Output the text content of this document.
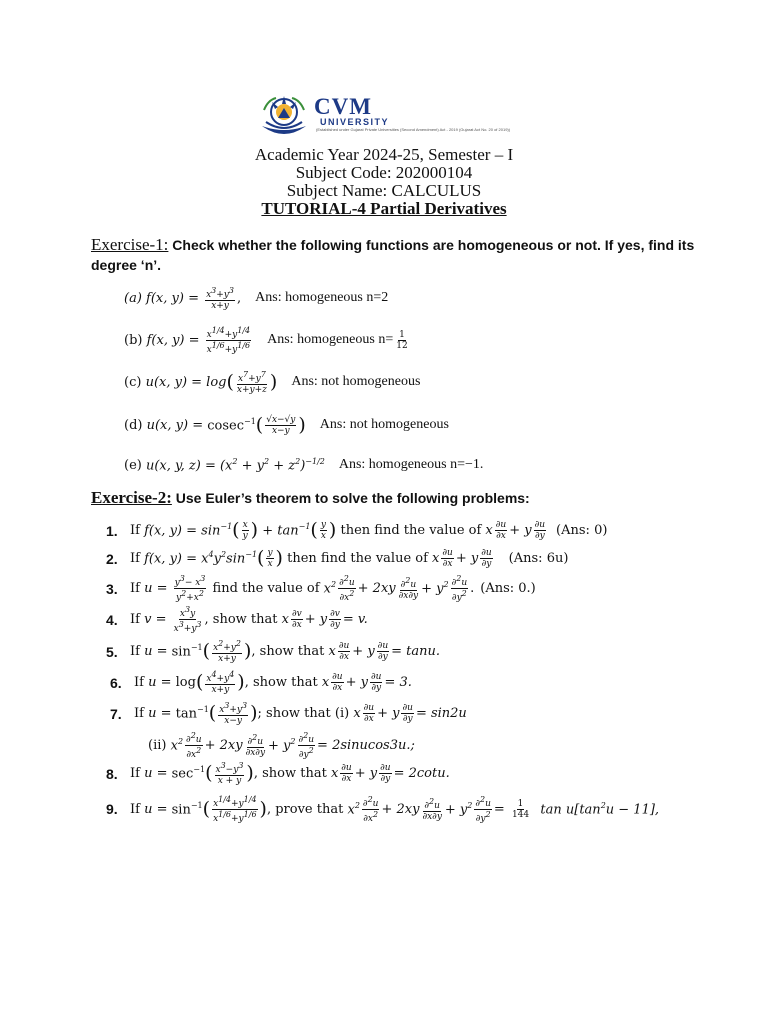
CVM
UNIVERSITY
(Established under Gujarat Private Universities (Second Amendment) Act - 2019 (Gujarat Act No. 20 of 2019))
Academic Year 2024-25, Semester – I
Subject Code: 202000104
Subject Name: CALCULUS
TUTORIAL-4 Partial Derivatives
Exercise-1: Check whether the following functions are homogeneous or not. If yes, find its degree ‘n’.
(a) f(x, $y) = \frac{x^3+y^3}{x+y}$ , Ans: homogeneous n=2
(b) f(x, $y) = \frac{x^{1/4}+y^{1/4}}{x^{1/6}+y^{1/6}}$ Ans: homogeneous $n= \frac{1}{12}$
(c) u(x, y) = log ( $\frac{x^7+y^7}{x+y+z}$ ) Ans: not homogeneous
(d) u(x, y) = cosec$^{-1}$ ( $\frac{√x-√y}{x-y}$ ) Ans: not homogeneous
(e) u(x, y, $z) = (x^2 + y^2 + z^2)^{-1/2}$ Ans: homogeneous n=−1.
Exercise-2: Use Euler’s theorem to solve the following problems:
1. If f(x, $y) = \sin^{-1}$ ( $\frac{x}{y}$ ) + $\tan^{-1}$ ( $\frac{y}{x}$ ) then find the value of x $\frac{\partial u}{\partial x} + y \frac{\partial u}{\partial y} (Ans$: 0)
2. If f(x, $y) = x^4y^2\sin^{-1}$ ( $\frac{y}{x}$ ) then find the value of x $\frac{\partial u}{\partial x} + y \frac{\partial u}{\partial y} (Ans$: 6u)
3. If $u = \frac{y^3- x^3}{y^2+x^2}$ find the value of $x^2 \frac{\partial^2u}{\partial x^2} + 2xy \frac{\partial^2u}{\partial x\partial y} + y^2 \frac{\partial^2u}{\partial y^2}$ . (Ans: 0.)
4. If $v = \frac{x^3y}{x^3+y^3}$ , show that x $\frac{\partial v}{\partial x} + y \frac{\partial v}{\partial y} = v$.
5. If $u = \sin^{-1}$ ( $\frac{x^2+y^2}{x+y}$ ) , show that x $\frac{\partial u}{\partial x} + y \frac{\partial u}{\partial y} = \tan u$.
6. If u = log ( $\frac{x^4+y^4}{x+y}$ ) , show that x $\frac{\partial u}{\partial x} + y \frac{\partial u}{\partial y} = 3$.
7. If $u = \tan^{-1}$ ( $\frac{x^3+y^3}{x-y}$ ) ; show that (i) x $\frac{\partial u}{\partial x} + y \frac{\partial u}{\partial y} = \sin 2u$
(ii) $x^2 \frac{\partial^2u}{\partial x^2} + 2xy \frac{\partial^2u}{\partial x\partial y} + y^2 \frac{\partial^2u}{\partial y^2}$ = 2sinucos3u.;
8. If $u = \sec^{-1}$ ( $\frac{x^3-y^3}{x + y}$ ) , show that x $\frac{\partial u}{\partial x} + y \frac{\partial u}{\partial y} = 2\cot u$.
9. If $u = \sin^{-1}$ ( $\frac{x^{1/4}+y^{1/4}}{x^{1/6}+y^{1/6}}$ ) , prove that $x^2 \frac{\partial^2u}{\partial x^2} + 2xy \frac{\partial^2u}{\partial x\partial y} + y^2 \frac{\partial^2u}{\partial y^2} = \frac{1}{144}$ $\tan u[\tan^2u - 11]$,
